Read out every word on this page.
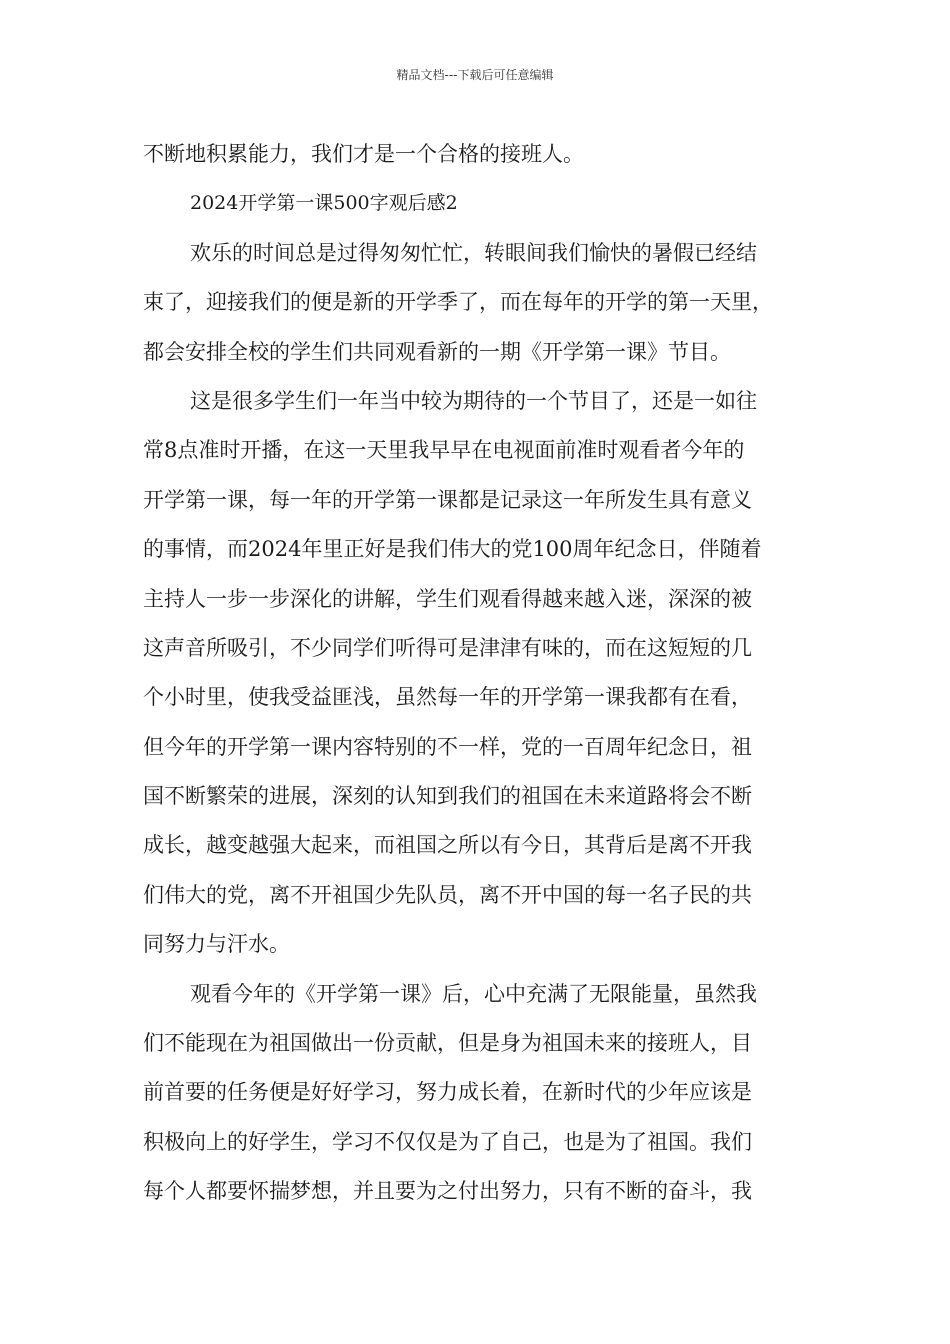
精品文档---下载后可任意编辑
不断地积累能力，我们才是一个合格的接班人。
2024开学第一课500字观后感2
欢乐的时间总是过得匆匆忙忙，转眼间我们愉快的暑假已经结
束了，迎接我们的便是新的开学季了，而在每年的开学的第一天里，
都会安排全校的学生们共同观看新的一期《开学第一课》节目。
这是很多学生们一年当中较为期待的一个节目了，还是一如往
常8点准时开播，在这一天里我早早在电视面前准时观看者今年的
开学第一课，每一年的开学第一课都是记录这一年所发生具有意义
的事情，而2024年里正好是我们伟大的党100周年纪念日，伴随着
主持人一步一步深化的讲解，学生们观看得越来越入迷，深深的被
这声音所吸引，不少同学们听得可是津津有味的，而在这短短的几
个小时里，使我受益匪浅，虽然每一年的开学第一课我都有在看，
但今年的开学第一课内容特别的不一样，党的一百周年纪念日，祖
国不断繁荣的进展，深刻的认知到我们的祖国在未来道路将会不断
成长，越变越强大起来，而祖国之所以有今日，其背后是离不开我
们伟大的党，离不开祖国少先队员，离不开中国的每一名子民的共
同努力与汗水。
观看今年的《开学第一课》后，心中充满了无限能量，虽然我
们不能现在为祖国做出一份贡献，但是身为祖国未来的接班人，目
前首要的任务便是好好学习，努力成长着，在新时代的少年应该是
积极向上的好学生，学习不仅仅是为了自己，也是为了祖国。我们
每个人都要怀揣梦想，并且要为之付出努力，只有不断的奋斗，我
